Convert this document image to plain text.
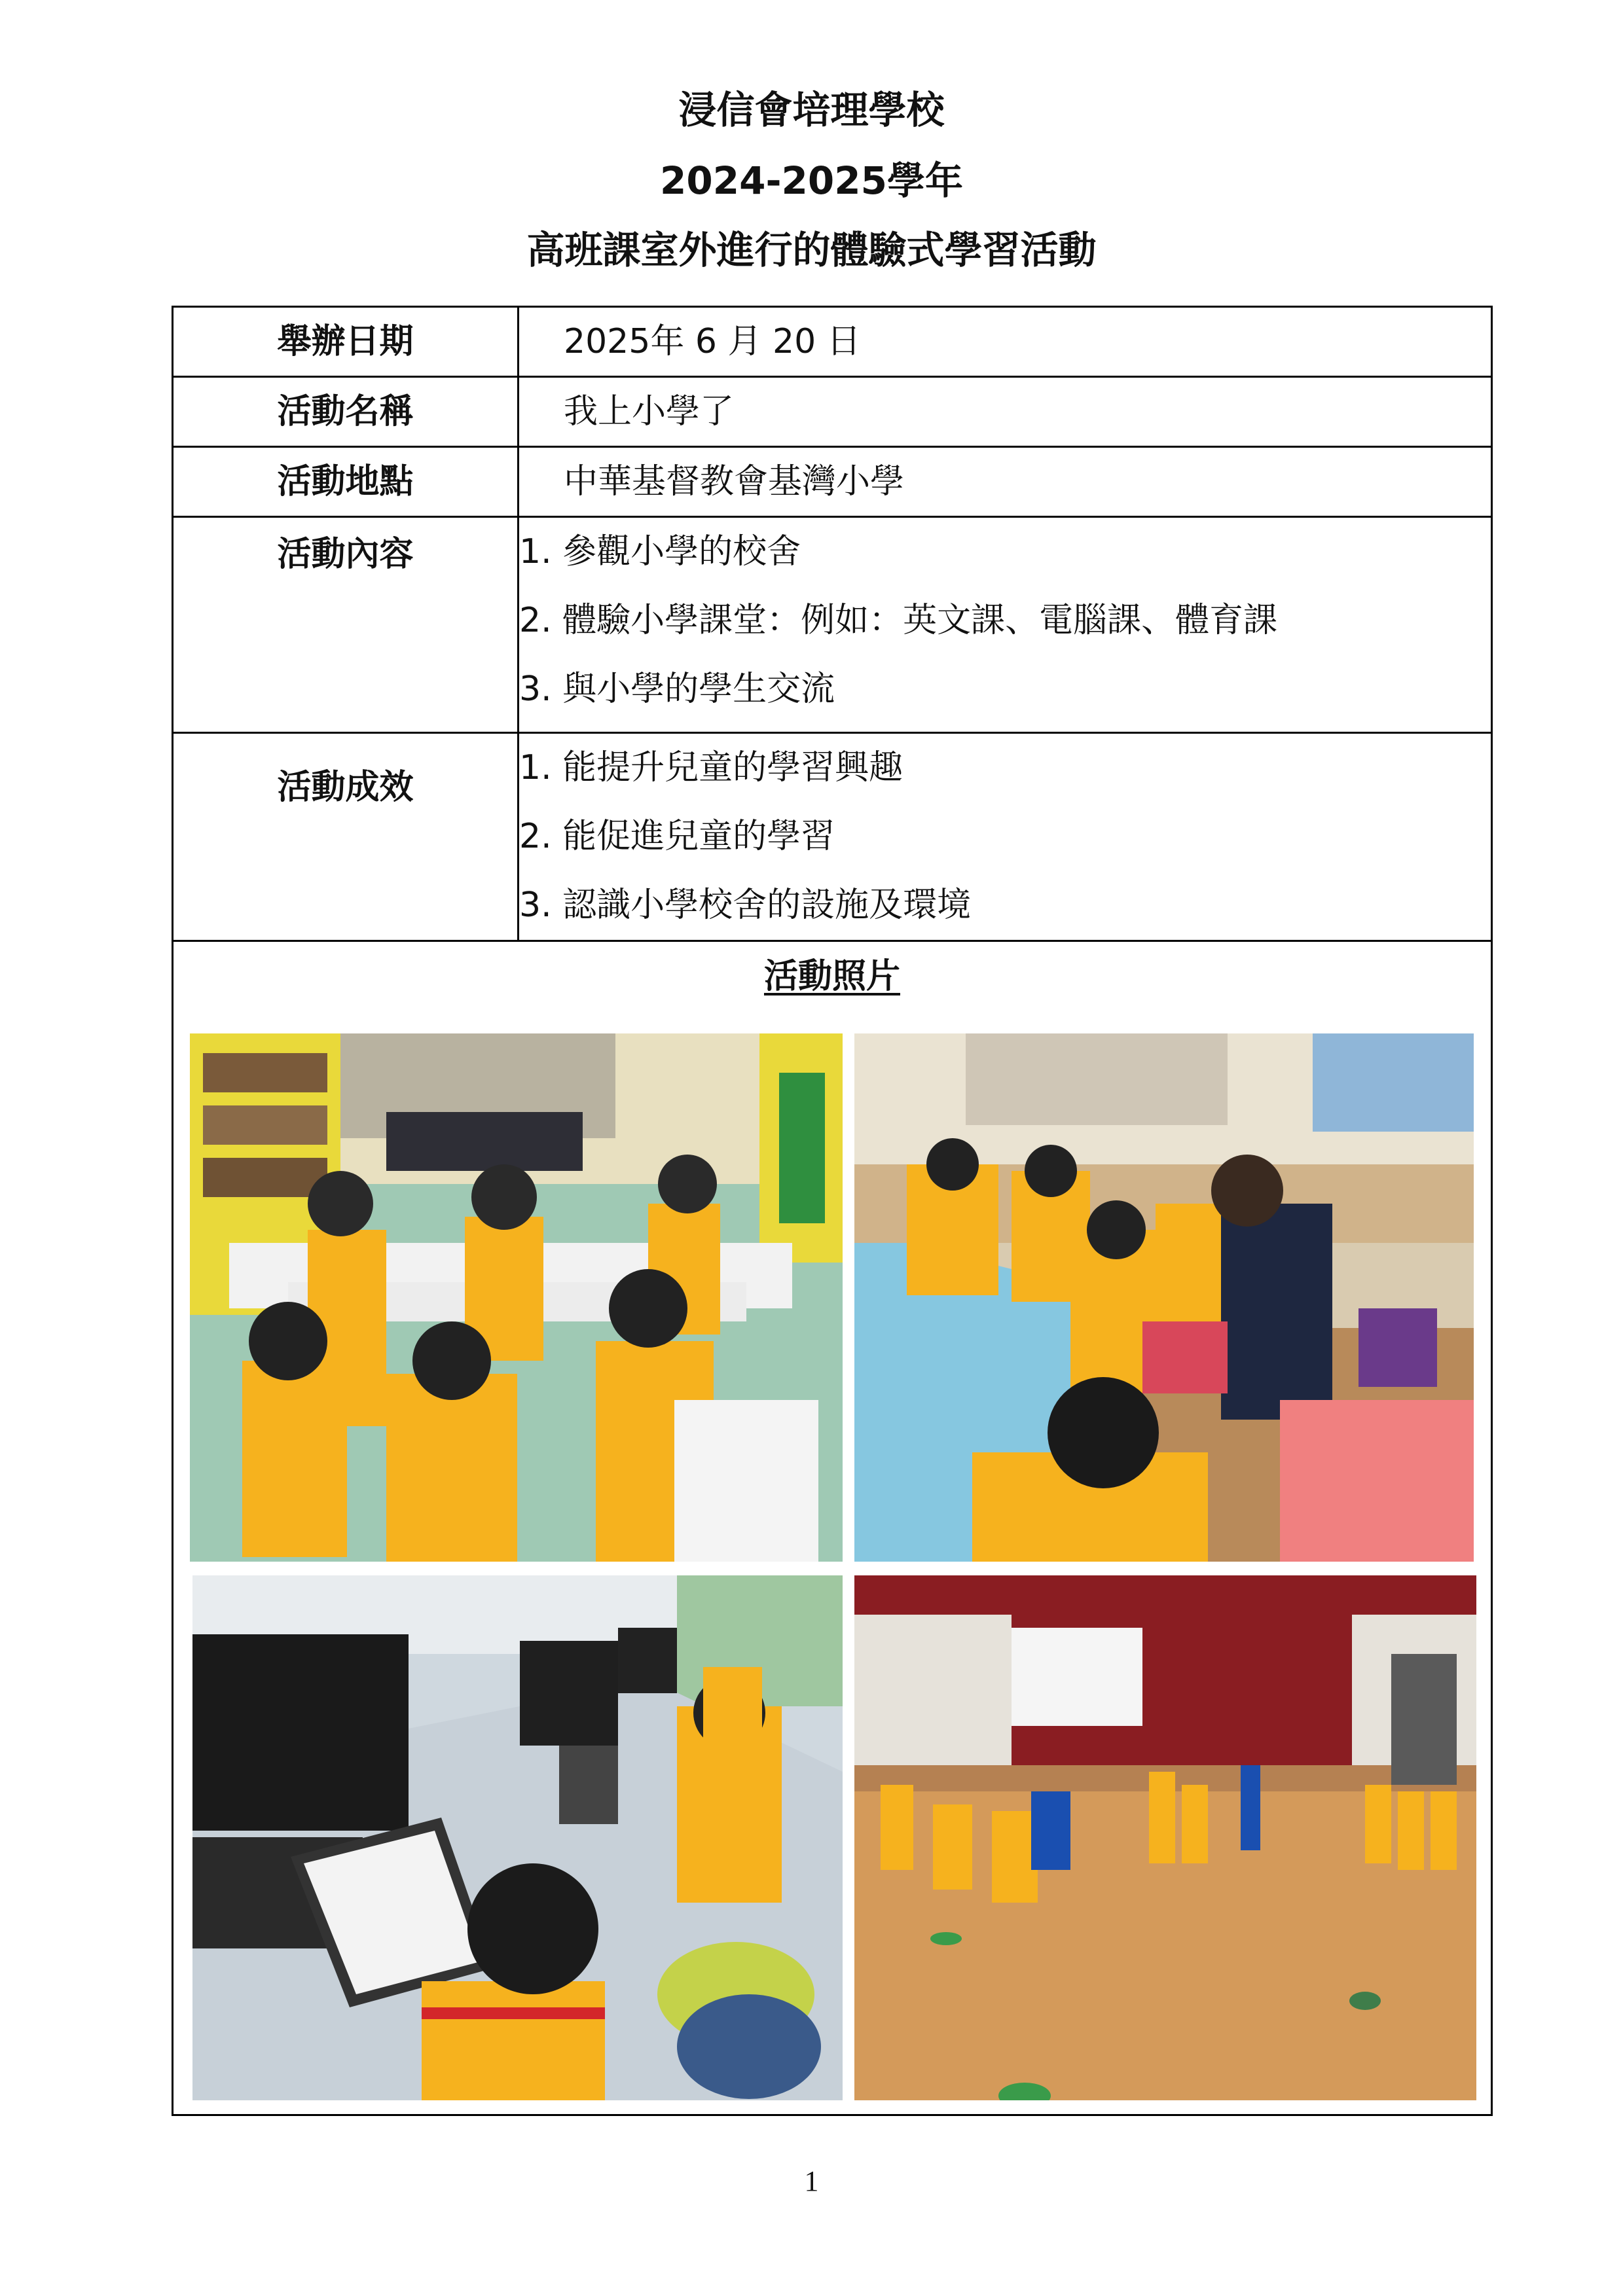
浸信會培理學校
2024-2025學年
高班課室外進行的體驗式學習活動
舉辦日期	2025年 6 月 20 日

活動名稱	我上小學了

活動地點	中華基督教會基灣小學

活動內容	1. 參觀小學的校舍
2. 體驗小學課堂：例如：英文課、電腦課、體育課
3. 與小學的學生交流

活動成效	1. 能提升兒童的學習興趣
2. 能促進兒童的學習
3. 認識小學校舍的設施及環境

活動照片	
1
